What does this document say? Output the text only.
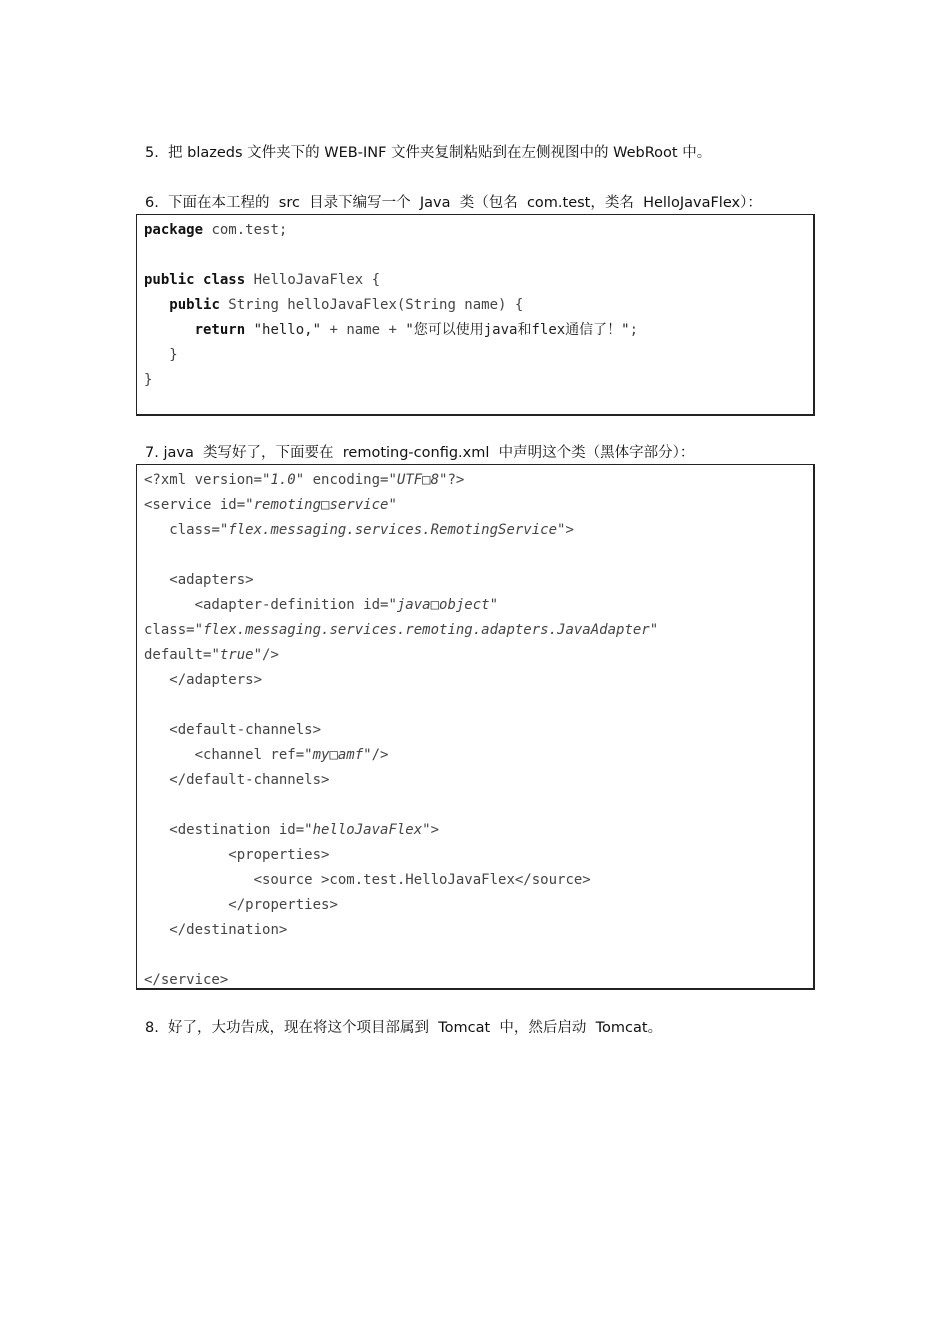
5.  把 blazeds 文件夹下的 WEB-INF 文件夹复制粘贴到在左侧视图中的 WebRoot 中。
6.  下面在本工程的  src  目录下编写一个  Java  类（包名  com.test，类名  HelloJavaFlex）：
package com.test;
public class HelloJavaFlex {
public String helloJavaFlex(String name) {
return "hello," + name + "您可以使用java和flex通信了！";
}
}
7. java  类写好了，下面要在  remoting-config.xml  中声明这个类（黑体字部分）：
<?xml version="1.0" encoding="UTF□8"?>
<service id="remoting□service"
class="flex.messaging.services.RemotingService">
<adapters>
<adapter-definition id="java□object"
class="flex.messaging.services.remoting.adapters.JavaAdapter"
default="true"/>
</adapters>
<default-channels>
<channel ref="my□amf"/>
</default-channels>
<destination id="helloJavaFlex">
<properties>
<source >com.test.HelloJavaFlex</source>
</properties>
</destination>
</service>
8.  好了，大功告成，现在将这个项目部属到  Tomcat  中，然后启动  Tomcat。
